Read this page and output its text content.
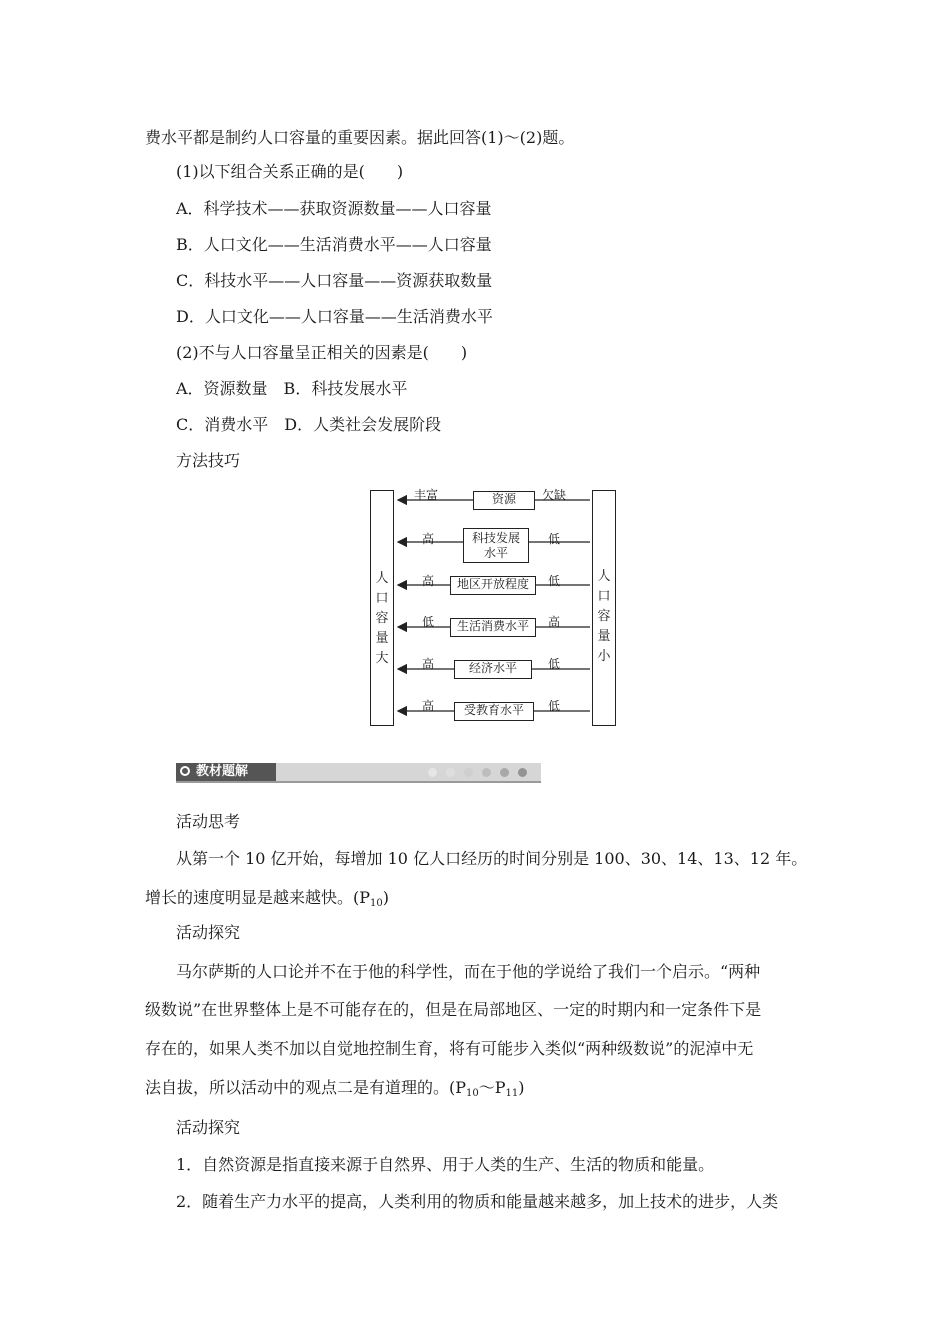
费水平都是制约人口容量的重要因素。据此回答(1)～(2)题。
(1)以下组合关系正确的是(　　)
A．科学技术——获取资源数量——人口容量
B．人口文化——生活消费水平——人口容量
C．科技水平——人口容量——资源获取数量
D．人口文化——人口容量——生活消费水平
(2)不与人口容量呈正相关的因素是(　　)
A．资源数量　B．科技发展水平
C．消费水平　D．人类社会发展阶段
方法技巧
人
口
容
量
大
人
口
容
量
小
丰富	资源	欠缺
高	科技发展
水平
低
高	地区开放程度	低
低	生活消费水平	高
高	经济水平	低
高	受教育水平	低
教材题解
活动思考
从第一个 10 亿开始，每增加 10 亿人口经历的时间分别是 100、30、14、13、12 年。
增长的速度明显是越来越快。$(P_{10})$
活动探究
马尔萨斯的人口论并不在于他的科学性，而在于他的学说给了我们一个启示。“两种
级数说”在世界整体上是不可能存在的，但是在局部地区、一定的时期内和一定条件下是
存在的，如果人类不加以自觉地控制生育，将有可能步入类似“两种级数说”的泥淖中无
法自拔，所以活动中的观点二是有道理的。$(P_{10}\sim P_{11})$
活动探究
1．自然资源是指直接来源于自然界、用于人类的生产、生活的物质和能量。
2．随着生产力水平的提高，人类利用的物质和能量越来越多，加上技术的进步，人类
